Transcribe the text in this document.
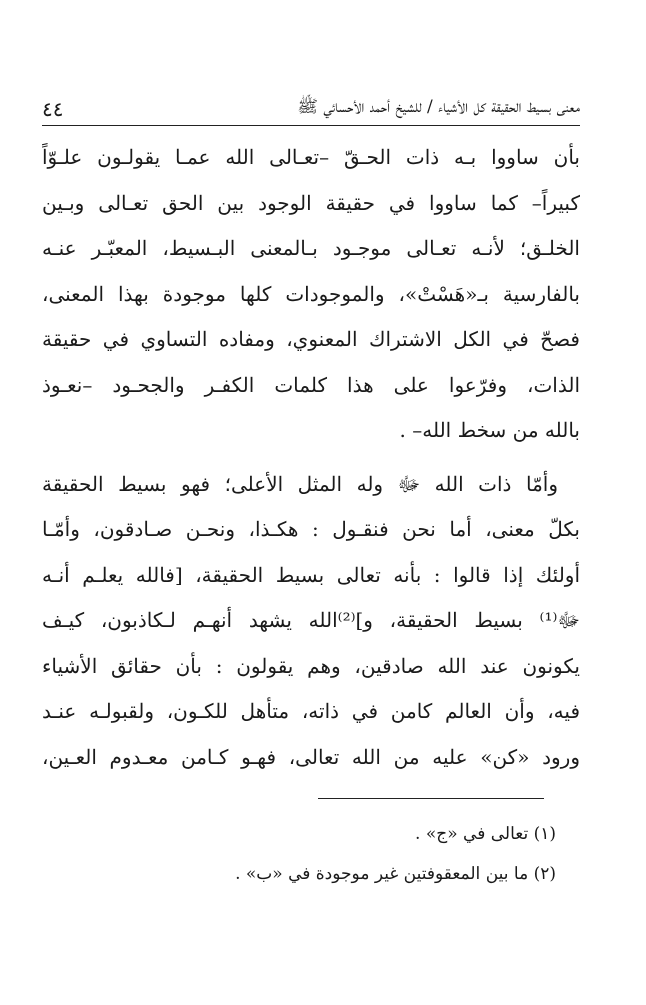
معنى بسيط الحقيقة كل الأشياء / للشيخ أحمد الأحسائي ﷺ
٤٤
بأن ساووا بـه ذات الحـقّ –تعـالى الله عمـا يقولـون علـوّاً
كبيراً– كما ساووا في حقيقة الوجود بين الحق تعـالى وبـين
الخلـق؛ لأنـه تعـالى موجـود بـالمعنى البـسيط، المعبّـر عنـه
بالفارسية بـ«هَسْتْ»، والموجودات كلها موجودة بهذا المعنى،
فصحّ في الكل الاشتراك المعنوي، ومفاده التساوي في حقيقة
الذات، وفرّعوا على هذا كلمات الكفـر والجحـود –نعـوذ
بالله من سخط الله– .
وأمّا ذات الله ﷻ وله المثل الأعلى؛ فهو بسيط الحقيقة
بكلّ معنى، أما نحن فنقـول : هكـذا، ونحـن صـادقون، وأمّـا
أولئك إذا قالوا : بأنه تعالى بسيط الحقيقة، [فالله يعلـم أنـه
ﷻ⁽¹⁾ بسيط الحقيقة، و]⁽²⁾الله يشهد أنهـم لـكاذبون، كيـف
يكونون عند الله صادقين، وهم يقولون : بأن حقائق الأشياء
فيه، وأن العالم كامن في ذاته، متأهل للكـون، ولقبولـه عنـد
ورود «كن» عليه من الله تعالى، فهـو كـامن معـدوم العـين،
(١) تعالى في «ج» .
(٢) ما بين المعقوفتين غير موجودة في «ب» .
